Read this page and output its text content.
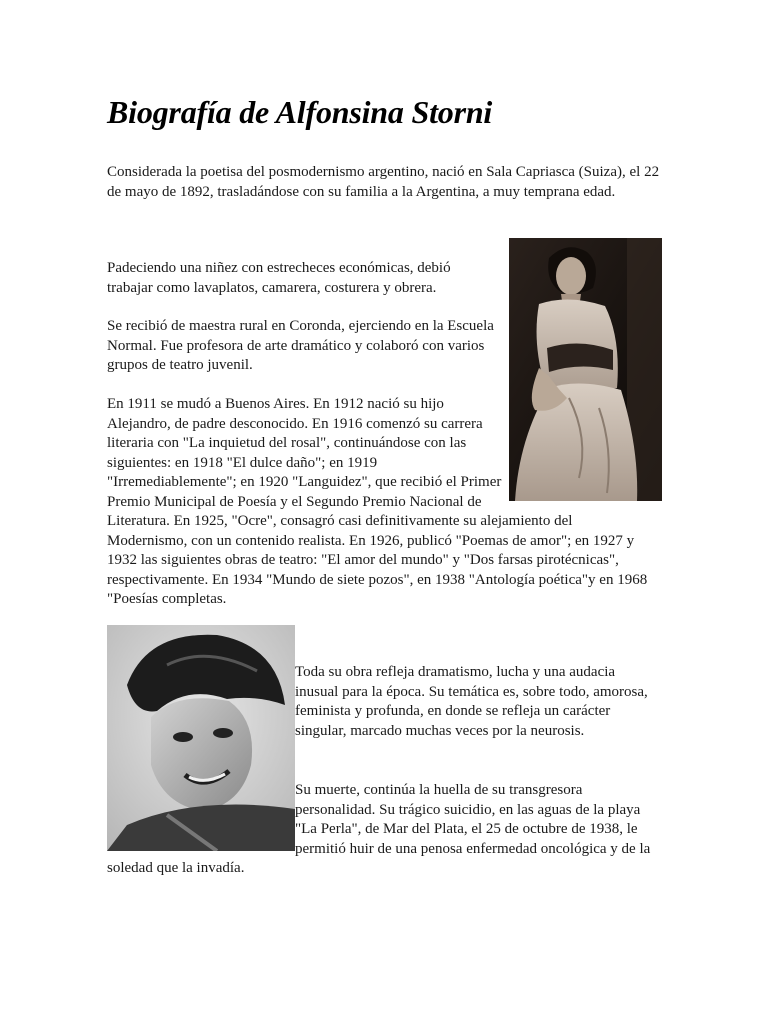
Biografía de Alfonsina Storni

Considerada la poetisa del posmodernismo argentino, nació en Sala Capriasca (Suiza), el 22 de mayo de 1892, trasladándose con su familia a la Argentina, a muy temprana edad.

Padeciendo una niñez con estrecheces económicas, debió trabajar como lavaplatos, camarera, costurera y obrera.

Se recibió de maestra rural en Coronda, ejerciendo en la Escuela Normal. Fue profesora de arte dramático y colaboró con varios grupos de teatro juvenil.

En 1911 se mudó a Buenos Aires. En 1912 nació su hijo Alejandro, de padre desconocido. En 1916 comenzó su carrera literaria con "La inquietud del rosal", continuándose con las siguientes: en 1918 "El dulce daño"; en 1919 "Irremediablemente"; en 1920 "Languidez", que recibió el Primer Premio Municipal de Poesía y el Segundo Premio Nacional de Literatura. En 1925, "Ocre", consagró casi definitivamente su alejamiento del Modernismo, con un contenido realista. En 1926, publicó "Poemas de amor"; en 1927 y 1932 las siguientes obras de teatro: "El amor del mundo" y "Dos farsas pirotécnicas", respectivamente. En 1934 "Mundo de siete pozos", en 1938 "Antología poética"y en 1968 "Poesías completas.

Toda su obra refleja dramatismo, lucha y una audacia inusual para la época. Su temática es, sobre todo, amorosa, feminista y profunda, en donde se refleja un carácter singular, marcado muchas veces por la neurosis.

Su muerte, continúa la huella de su transgresora personalidad. Su trágico suicidio, en las aguas de la playa "La Perla", de Mar del Plata, el 25 de octubre de 1938, le permitió huir de una penosa enfermedad oncológica y de la soledad que la invadía.
